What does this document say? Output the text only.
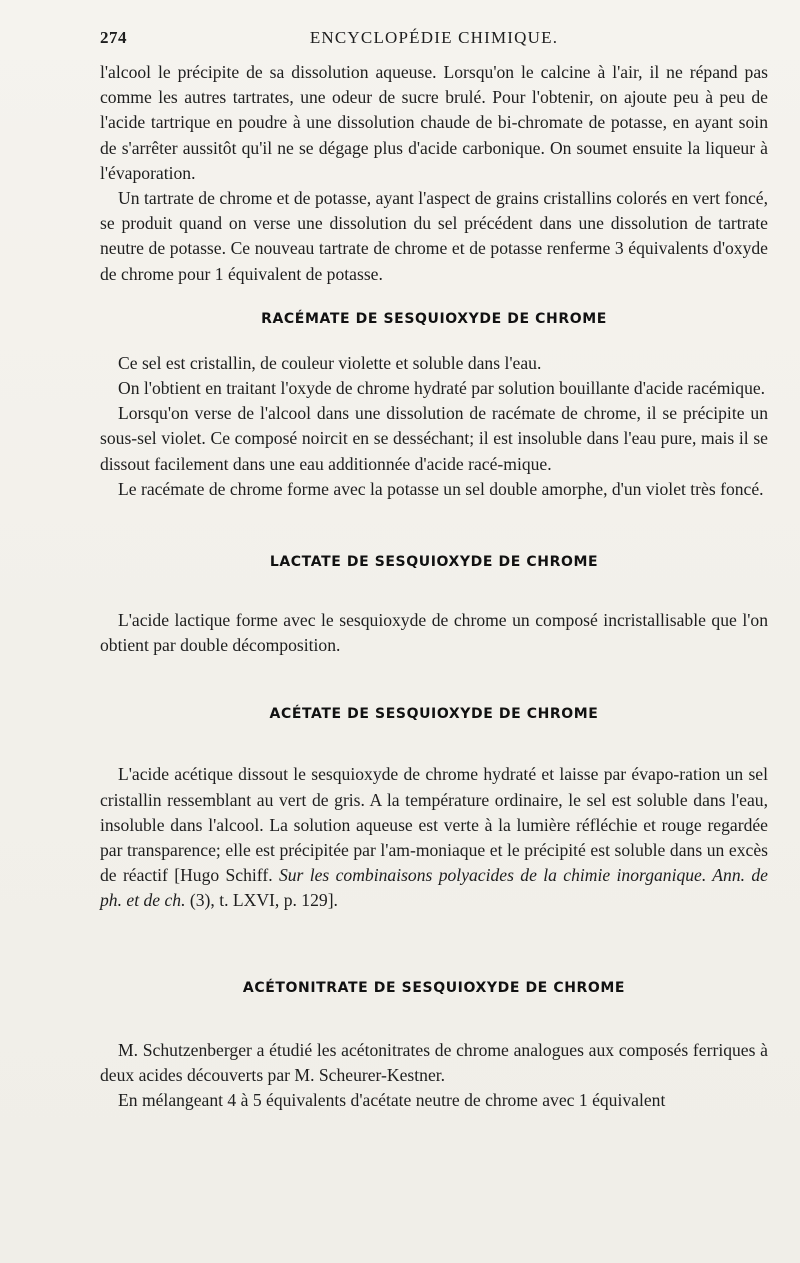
274	ENCYCLOPÉDIE CHIMIQUE.

l'alcool le précipite de sa dissolution aqueuse. Lorsqu'on le calcine à l'air, il ne répand pas comme les autres tartrates, une odeur de sucre brulé. Pour l'obtenir, on ajoute peu à peu de l'acide tartrique en poudre à une dissolution chaude de bi-chromate de potasse, en ayant soin de s'arrêter aussitôt qu'il ne se dégage plus d'acide carbonique. On soumet ensuite la liqueur à l'évaporation.

Un tartrate de chrome et de potasse, ayant l'aspect de grains cristallins colorés en vert foncé, se produit quand on verse une dissolution du sel précédent dans une dissolution de tartrate neutre de potasse. Ce nouveau tartrate de chrome et de potasse renferme 3 équivalents d'oxyde de chrome pour 1 équivalent de potasse.

RACÉMATE DE SESQUIOXYDE DE CHROME

Ce sel est cristallin, de couleur violette et soluble dans l'eau.

On l'obtient en traitant l'oxyde de chrome hydraté par solution bouillante d'acide racémique.

Lorsqu'on verse de l'alcool dans une dissolution de racémate de chrome, il se précipite un sous-sel violet. Ce composé noircit en se desséchant; il est insoluble dans l'eau pure, mais il se dissout facilement dans une eau additionnée d'acide racé-mique.

Le racémate de chrome forme avec la potasse un sel double amorphe, d'un violet très foncé.

LACTATE DE SESQUIOXYDE DE CHROME

L'acide lactique forme avec le sesquioxyde de chrome un composé incristallisable que l'on obtient par double décomposition.

ACÉTATE DE SESQUIOXYDE DE CHROME

L'acide acétique dissout le sesquioxyde de chrome hydraté et laisse par évapo-ration un sel cristallin ressemblant au vert de gris. A la température ordinaire, le sel est soluble dans l'eau, insoluble dans l'alcool. La solution aqueuse est verte à la lumière réfléchie et rouge regardée par transparence; elle est précipitée par l'am-moniaque et le précipité est soluble dans un excès de réactif [Hugo Schiff. Sur les combinaisons polyacides de la chimie inorganique. Ann. de ph. et de ch. (3), t. LXVI, p. 129].

ACÉTONITRATE DE SESQUIOXYDE DE CHROME

M. Schutzenberger a étudié les acétonitrates de chrome analogues aux composés ferriques à deux acides découverts par M. Scheurer-Kestner.

En mélangeant 4 à 5 équivalents d'acétate neutre de chrome avec 1 équivalent
